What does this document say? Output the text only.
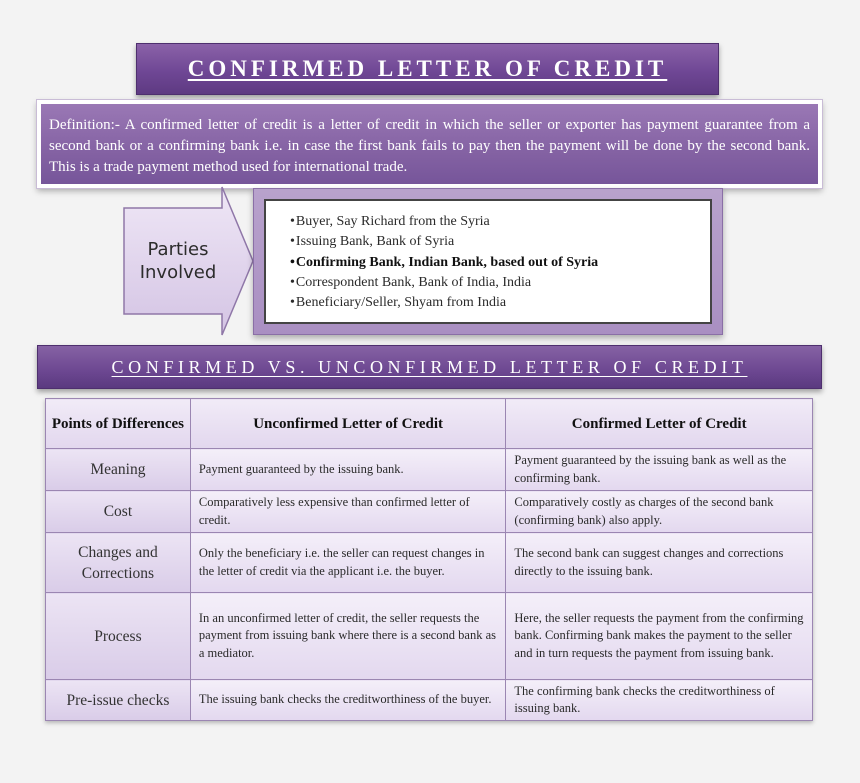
CONFIRMED LETTER OF CREDIT

Definition:- A confirmed letter of credit is a letter of credit in which the seller or exporter has payment guarantee from a second bank or a confirming bank i.e. in case the first bank fails to pay then the payment will be done by the second bank. This is a trade payment method used for international trade.

Parties
Involved
• Buyer, Say Richard from the Syria
• Issuing Bank, Bank of Syria
• Confirming Bank, Indian Bank, based out of Syria
• Correspondent Bank, Bank of India, India
• Beneficiary/Seller, Shyam from India
CONFIRMED VS. UNCONFIRMED LETTER OF CREDIT
Points of Differences	Unconfirmed Letter of Credit	Confirmed Letter of Credit
Meaning	Payment guaranteed by the issuing bank.	Payment guaranteed by the issuing bank as well as the confirming bank.
Cost	Comparatively less expensive than confirmed letter of credit.	Comparatively costly as charges of the second bank (confirming bank) also apply.
Changes and Corrections	Only the beneficiary i.e. the seller can request changes in the letter of credit via the applicant i.e. the buyer.	The second bank can suggest changes and corrections directly to the issuing bank.
Process	In an unconfirmed letter of credit, the seller requests the payment from issuing bank where there is a second bank as a mediator.	Here, the seller requests the payment from the confirming bank. Confirming bank makes the payment to the seller and in turn requests the payment from issuing bank.
Pre-issue checks	The issuing bank checks the creditworthiness of the buyer.	The confirming bank checks the creditworthiness of issuing bank.
